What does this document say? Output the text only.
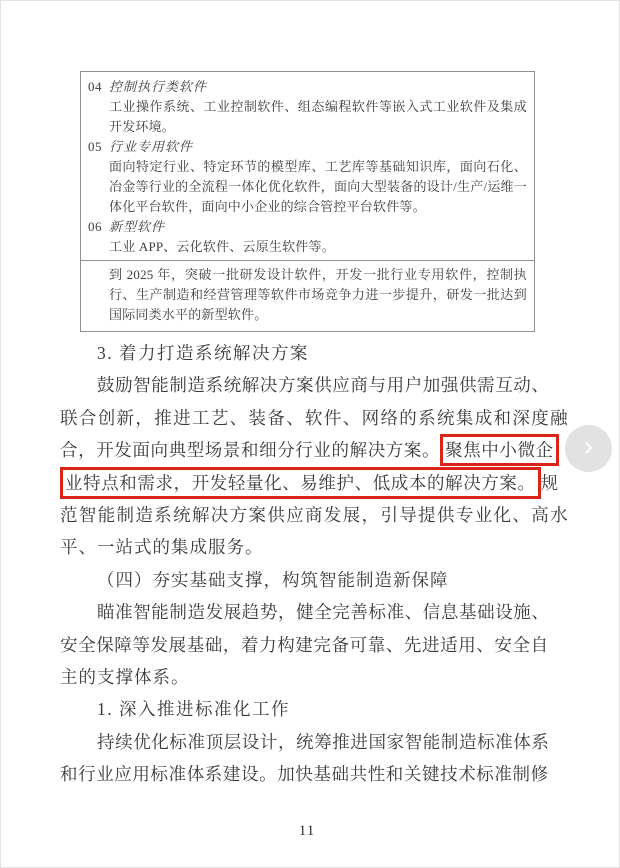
04 控制执行类软件
工业操作系统、工业控制软件、组态编程软件等嵌入式工业软件及集成开发环境。
05 行业专用软件
面向特定行业、特定环节的模型库、工艺库等基础知识库，面向石化、冶金等行业的全流程一体化优化软件，面向大型装备的设计/生产/运维一体化平台软件，面向中小企业的综合管控平台软件等。
06 新型软件
工业 APP、云化软件、云原生软件等。
到 2025 年，突破一批研发设计软件，开发一批行业专用软件，控制执行、生产制造和经营管理等软件市场竞争力进一步提升，研发一批达到国际同类水平的新型软件。
3. 着力打造系统解决方案
鼓励智能制造系统解决方案供应商与用户加强供需互动、
联合创新，推进工艺、装备、软件、网络的系统集成和深度融
合，开发面向典型场景和细分行业的解决方案。 聚焦中小微企
业特点和需求，开发轻量化、易维护、低成本的解决方案。 规
范智能制造系统解决方案供应商发展，引导提供专业化、高水
平、一站式的集成服务。
（四）夯实基础支撑，构筑智能制造新保障
瞄准智能制造发展趋势，健全完善标准、信息基础设施、
安全保障等发展基础，着力构建完备可靠、先进适用、安全自
主的支撑体系。
1. 深入推进标准化工作
持续优化标准顶层设计，统筹推进国家智能制造标准体系
和行业应用标准体系建设。加快基础共性和关键技术标准制修
›
11
